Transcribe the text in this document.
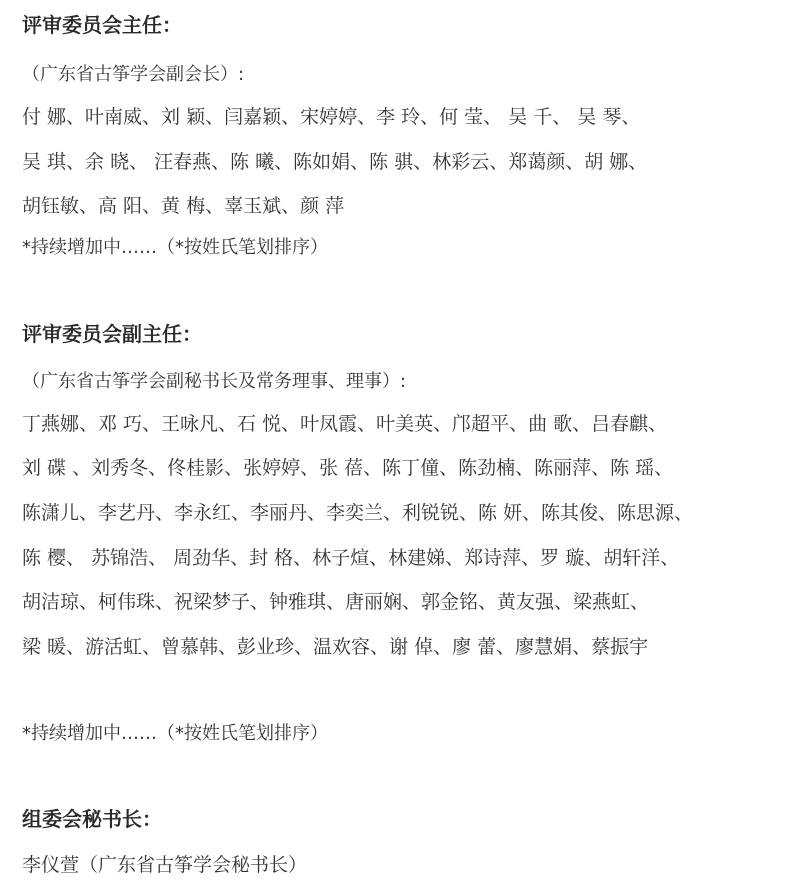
评审委员会主任：
（广东省古筝学会副会长）:
付 娜、叶南威、刘 颖、闫嘉颖、宋婷婷、李 玲、何 莹、 吴 千、 吴 琴、
吴 琪、余 晓、 汪春燕、陈 曦、陈如娟、陈 骐、林彩云、郑蔼颜、胡 娜、
胡钰敏、高 阳、黄 梅、辜玉斌、颜 萍
*持续增加中……（*按姓氏笔划排序）
评审委员会副主任：
（广东省古筝学会副秘书长及常务理事、理事）:
丁燕娜、邓 巧、王咏凡、石 悦、叶凤霞、叶美英、邝超平、曲 歌、吕春麒、
刘 碟 、刘秀冬、佟桂影、张婷婷、张 蓓、陈丁僮、陈劲楠、陈丽萍、陈 瑶、
陈潇儿、李艺丹、李永红、李丽丹、李奕兰、利锐锐、陈 妍、陈其俊、陈思源、
陈 樱、 苏锦浩、 周劲华、封 格、林子煊、林建娣、郑诗萍、罗 璇、胡轩洋、
胡洁琼、柯伟珠、祝梁梦子、钟雅琪、唐丽娴、郭金铭、黄友强、梁燕虹、
梁 暖、游活虹、曾慕韩、彭业珍、温欢容、谢 倬、廖 蕾、廖慧娟、蔡振宇
*持续增加中……（*按姓氏笔划排序）
组委会秘书长：
李仪萱（广东省古筝学会秘书长）
